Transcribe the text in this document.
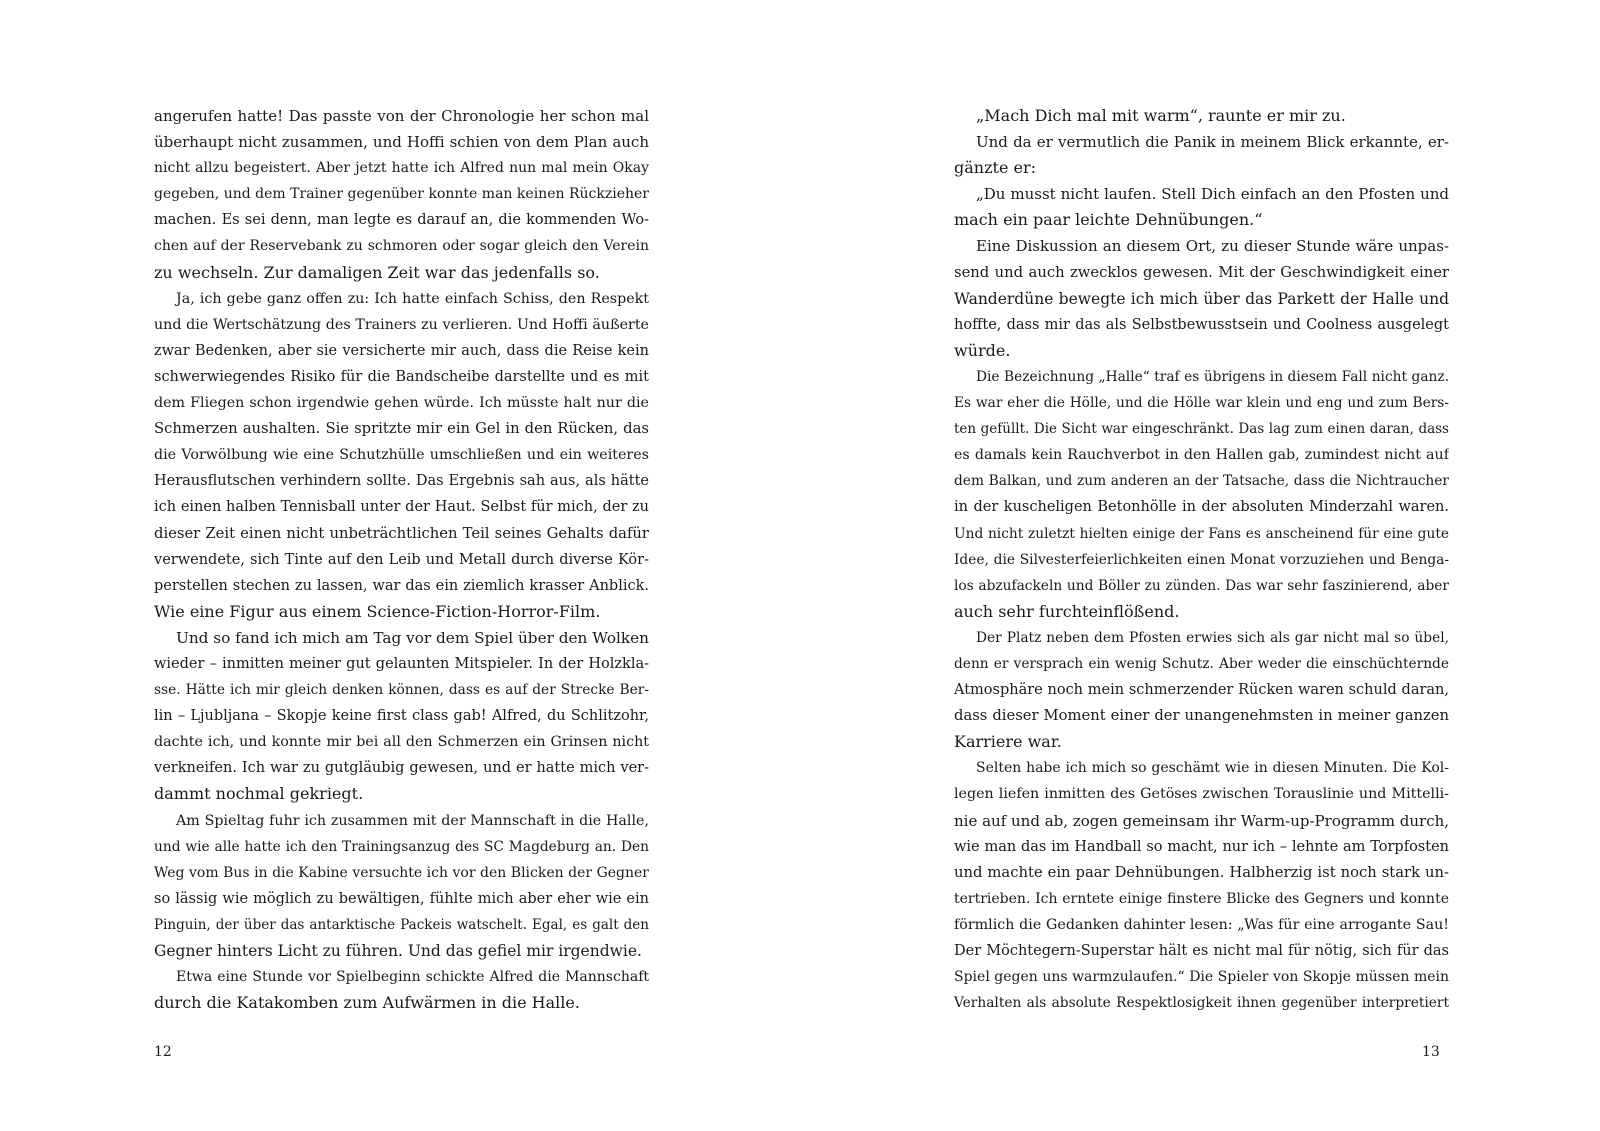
angerufen hatte! Das passte von der Chronologie her schon mal
überhaupt nicht zusammen, und Hoffi schien von dem Plan auch
nicht allzu begeistert. Aber jetzt hatte ich Alfred nun mal mein Okay
gegeben, und dem Trainer gegenüber konnte man keinen Rückzieher
machen. Es sei denn, man legte es darauf an, die kommenden Wo-
chen auf der Reservebank zu schmoren oder sogar gleich den Verein
zu wechseln. Zur damaligen Zeit war das jedenfalls so.
Ja, ich gebe ganz offen zu: Ich hatte einfach Schiss, den Respekt
und die Wertschätzung des Trainers zu verlieren. Und Hoffi äußerte
zwar Bedenken, aber sie versicherte mir auch, dass die Reise kein
schwerwiegendes Risiko für die Bandscheibe darstellte und es mit
dem Fliegen schon irgendwie gehen würde. Ich müsste halt nur die
Schmerzen aushalten. Sie spritzte mir ein Gel in den Rücken, das
die Vorwölbung wie eine Schutzhülle umschließen und ein weiteres
Herausflutschen verhindern sollte. Das Ergebnis sah aus, als hätte
ich einen halben Tennisball unter der Haut. Selbst für mich, der zu
dieser Zeit einen nicht unbeträchtlichen Teil seines Gehalts dafür
verwendete, sich Tinte auf den Leib und Metall durch diverse Kör-
perstellen stechen zu lassen, war das ein ziemlich krasser Anblick.
Wie eine Figur aus einem Science-Fiction-Horror-Film.
Und so fand ich mich am Tag vor dem Spiel über den Wolken
wieder – inmitten meiner gut gelaunten Mitspieler. In der Holzkla-
sse. Hätte ich mir gleich denken können, dass es auf der Strecke Ber-
lin – Ljubljana – Skopje keine first class gab! Alfred, du Schlitzohr,
dachte ich, und konnte mir bei all den Schmerzen ein Grinsen nicht
verkneifen. Ich war zu gutgläubig gewesen, und er hatte mich ver-
dammt nochmal gekriegt.
Am Spieltag fuhr ich zusammen mit der Mannschaft in die Halle,
und wie alle hatte ich den Trainingsanzug des SC Magdeburg an. Den
Weg vom Bus in die Kabine versuchte ich vor den Blicken der Gegner
so lässig wie möglich zu bewältigen, fühlte mich aber eher wie ein
Pinguin, der über das antarktische Packeis watschelt. Egal, es galt den
Gegner hinters Licht zu führen. Und das gefiel mir irgendwie.
Etwa eine Stunde vor Spielbeginn schickte Alfred die Mannschaft
durch die Katakomben zum Aufwärmen in die Halle.
„Mach Dich mal mit warm“, raunte er mir zu.
Und da er vermutlich die Panik in meinem Blick erkannte, er-
gänzte er:
„Du musst nicht laufen. Stell Dich einfach an den Pfosten und
mach ein paar leichte Dehnübungen.“
Eine Diskussion an diesem Ort, zu dieser Stunde wäre unpas-
send und auch zwecklos gewesen. Mit der Geschwindigkeit einer
Wanderdüne bewegte ich mich über das Parkett der Halle und
hoffte, dass mir das als Selbstbewusstsein und Coolness ausgelegt
würde.
Die Bezeichnung „Halle“ traf es übrigens in diesem Fall nicht ganz.
Es war eher die Hölle, und die Hölle war klein und eng und zum Bers-
ten gefüllt. Die Sicht war eingeschränkt. Das lag zum einen daran, dass
es damals kein Rauchverbot in den Hallen gab, zumindest nicht auf
dem Balkan, und zum anderen an der Tatsache, dass die Nichtraucher
in der kuscheligen Betonhölle in der absoluten Minderzahl waren.
Und nicht zuletzt hielten einige der Fans es anscheinend für eine gute
Idee, die Silvesterfeierlichkeiten einen Monat vorzuziehen und Benga-
los abzufackeln und Böller zu zünden. Das war sehr faszinierend, aber
auch sehr furchteinflößend.
Der Platz neben dem Pfosten erwies sich als gar nicht mal so übel,
denn er versprach ein wenig Schutz. Aber weder die einschüchternde
Atmosphäre noch mein schmerzender Rücken waren schuld daran,
dass dieser Moment einer der unangenehmsten in meiner ganzen
Karriere war.
Selten habe ich mich so geschämt wie in diesen Minuten. Die Kol-
legen liefen inmitten des Getöses zwischen Torauslinie und Mittelli-
nie auf und ab, zogen gemeinsam ihr Warm-up-Programm durch,
wie man das im Handball so macht, nur ich – lehnte am Torpfosten
und machte ein paar Dehnübungen. Halbherzig ist noch stark un-
tertrieben. Ich erntete einige finstere Blicke des Gegners und konnte
förmlich die Gedanken dahinter lesen: „Was für eine arrogante Sau!
Der Möchtegern-Superstar hält es nicht mal für nötig, sich für das
Spiel gegen uns warmzulaufen.“ Die Spieler von Skopje müssen mein
Verhalten als absolute Respektlosigkeit ihnen gegenüber interpretiert
12	13
